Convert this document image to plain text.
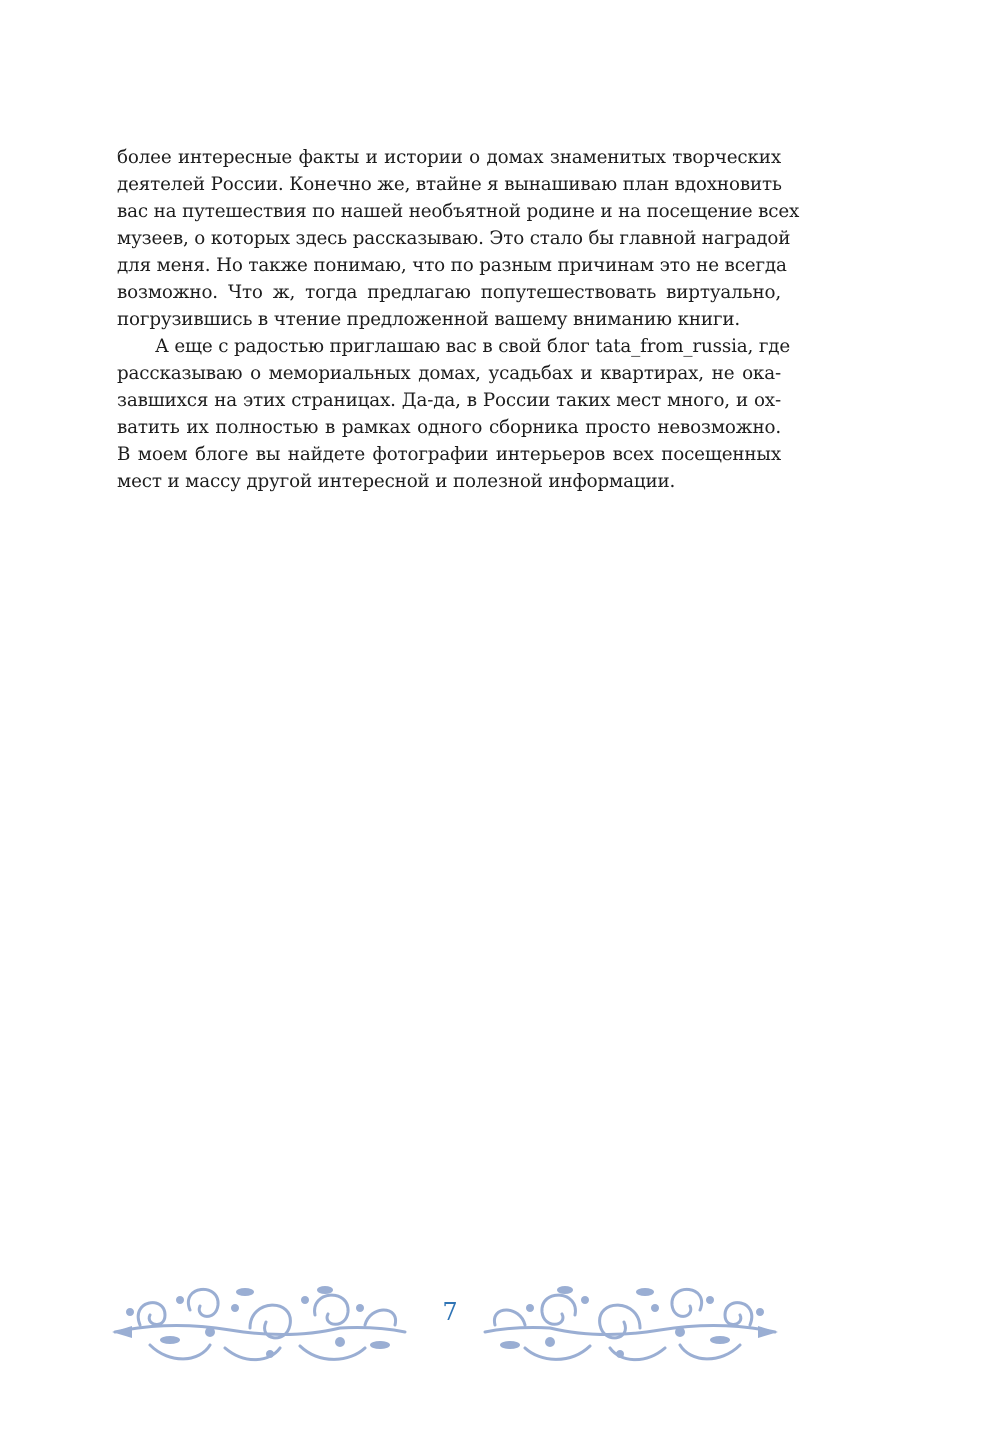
более интересные факты и истории о домах знаменитых творческих
деятелей России. Конечно же, втайне я вынашиваю план вдохновить
вас на путешествия по нашей необъятной родине и на посещение всех
музеев, о которых здесь рассказываю. Это стало бы главной наградой
для меня. Но также понимаю, что по разным причинам это не всегда
возможно. Что ж, тогда предлагаю попутешествовать виртуально,
погрузившись в чтение предложенной вашему вниманию книги.
А еще с радостью приглашаю вас в свой блог tata_from_russia, где
рассказываю о мемориальных домах, усадьбах и квартирах, не ока-
завшихся на этих страницах. Да-да, в России таких мест много, и ох-
ватить их полностью в рамках одного сборника просто невозможно.
В моем блоге вы найдете фотографии интерьеров всех посещенных
мест и массу другой интересной и полезной информации.
7
